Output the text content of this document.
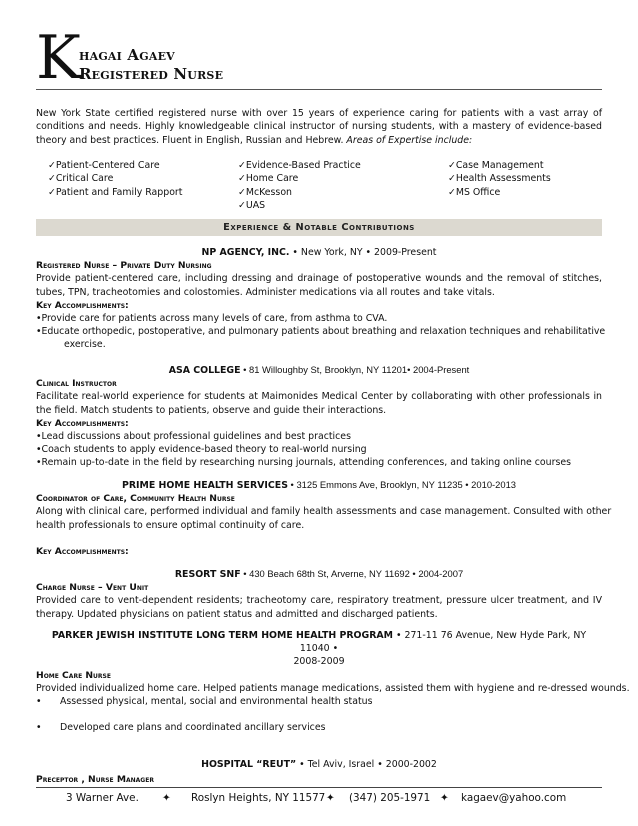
K
hagai Agaev
Registered Nurse
New York State certified registered nurse with over 15 years of experience caring for patients with a vast array of conditions and needs. Highly knowledgeable clinical instructor of nursing students, with a mastery of evidence-based theory and best practices. Fluent in English, Russian and Hebrew. Areas of Expertise include:
✓Patient-Centered Care
✓Critical Care
✓Patient and Family Rapport
✓Evidence-Based Practice
✓Home Care
✓McKesson
✓UAS
✓Case Management
✓Health Assessments
✓MS Office
Experience & Notable Contributions
NP AGENCY, INC. • New York, NY • 2009-Present
Registered Nurse – Private Duty Nursing
Provide patient-centered care, including dressing and drainage of postoperative wounds and the removal of stitches, tubes, TPN, tracheotomies and colostomies. Administer medications via all routes and take vitals.
Key Accomplishments:
•Provide care for patients across many levels of care, from asthma to CVA.
•Educate orthopedic, postoperative, and pulmonary patients about breathing and relaxation techniques and rehabilitative
exercise.
ASA COLLEGE • 81 Willoughby St, Brooklyn, NY 11201• 2004-Present
Clinical Instructor
Facilitate real-world experience for students at Maimonides Medical Center by collaborating with other professionals in the field. Match students to patients, observe and guide their interactions.
Key Accomplishments:
•Lead discussions about professional guidelines and best practices
•Coach students to apply evidence-based theory to real-world nursing
•Remain up-to-date in the field by researching nursing journals, attending conferences, and taking online courses
PRIME HOME HEALTH SERVICES • 3125 Emmons Ave, Brooklyn, NY 11235 • 2010-2013
Coordinator of Care, Community Health Nurse
Along with clinical care, performed individual and family health assessments and case management. Consulted with other
health professionals to ensure optimal continuity of care.
Key Accomplishments:
RESORT SNF • 430 Beach 68th St, Arverne, NY 11692 • 2004-2007
Charge Nurse – Vent Unit
Provided care to vent-dependent residents; tracheotomy care, respiratory treatment, pressure ulcer treatment, and IV therapy. Updated physicians on patient status and admitted and discharged patients.
PARKER JEWISH INSTITUTE LONG TERM HOME HEALTH PROGRAM • 271-11 76 Avenue, New Hyde Park, NY 11040 •
2008-2009
Home Care Nurse
Provided individualized home care. Helped patients manage medications, assisted them with hygiene and re-dressed wounds.
• Assessed physical, mental, social and environmental health status
• Developed care plans and coordinated ancillary services
HOSPITAL “REUT” • Tel Aviv, Israel • 2000-2002
Preceptor , Nurse Manager
3 Warner Ave. ✦ Roslyn Heights, NY 11577 ✦ (347) 205-1971 ✦ kagaev@yahoo.com
